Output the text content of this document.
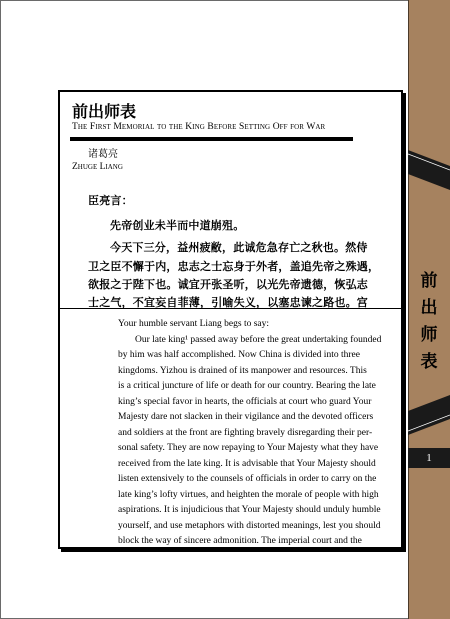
前
出
师
表
1
前出师表
The First Memorial to the King Before Setting Off for War
诸葛亮
Zhuge Liang
臣亮言：
先帝创业未半而中道崩殂。
今天下三分，益州疲敝，此诚危急存亡之秋也。然侍
卫之臣不懈于内，忠志之士忘身于外者，盖追先帝之殊遇，
欲报之于陛下也。诚宜开张圣听，以光先帝遗德，恢弘志
Your humble servant Liang begs to say:
Our late king¹ passed away before the great undertaking founded
by him was half accomplished. Now China is divided into three
kingdoms. Yizhou is drained of its manpower and resources. This
is a critical juncture of life or death for our country. Bearing the late
king’s special favor in hearts, the officials at court who guard Your
Majesty dare not slacken in their vigilance and the devoted officers
and soldiers at the front are fighting bravely disregarding their per-
sonal safety. They are now repaying to Your Majesty what they have
received from the late king. It is advisable that Your Majesty should
listen extensively to the counsels of officials in order to carry on the
late king’s lofty virtues, and heighten the morale of people with high
aspirations. It is injudicious that Your Majesty should unduly humble
yourself, and use metaphors with distorted meanings, lest you should
block the way of sincere admonition. The imperial court and the
士之气，不宜妄自菲薄，引喻失义，以塞忠谏之路也。宫
